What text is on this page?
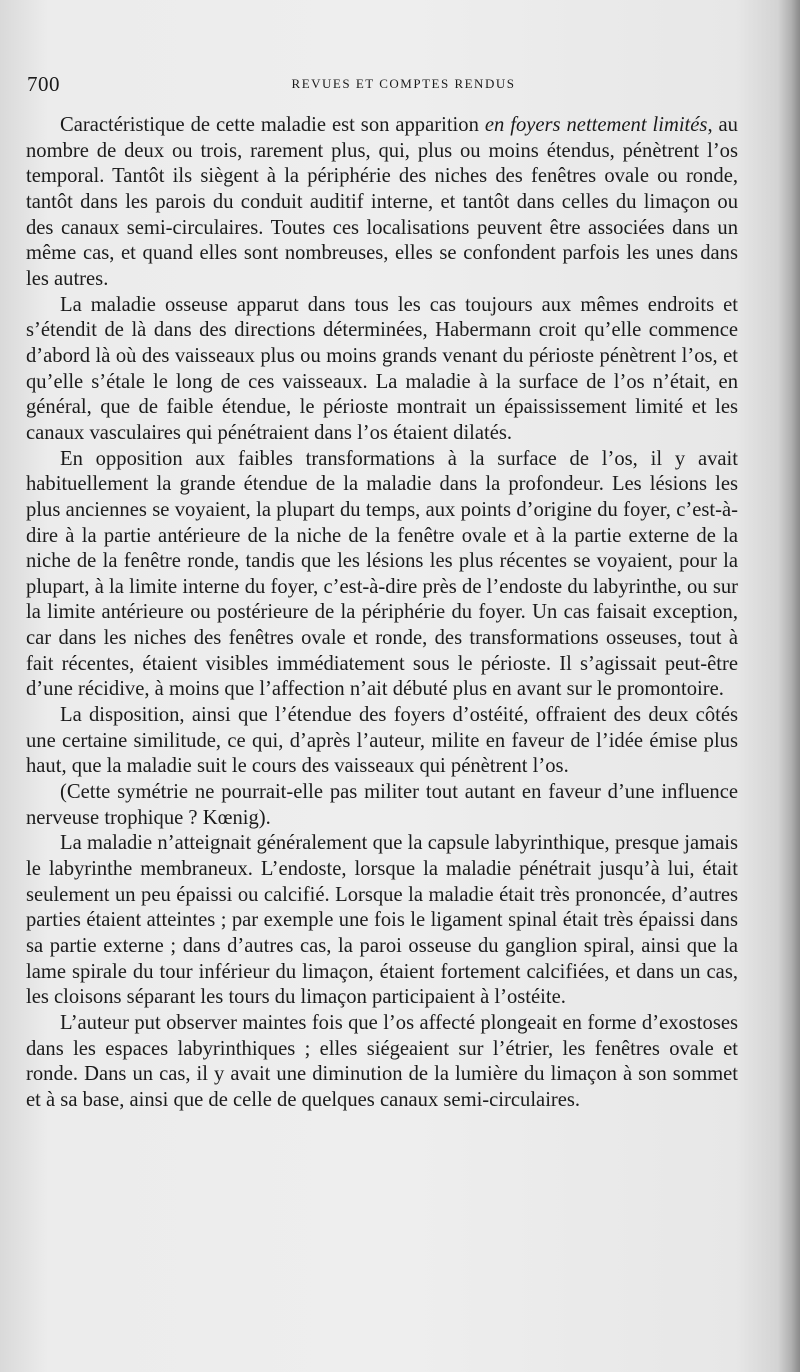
700	REVUES ET COMPTES RENDUS

Caractéristique de cette maladie est son apparition en foyers nettement limités, au nombre de deux ou trois, rarement plus, qui, plus ou moins étendus, pénètrent l’os temporal. Tantôt ils siègent à la périphérie des niches des fenêtres ovale ou ronde, tantôt dans les parois du conduit auditif interne, et tantôt dans celles du limaçon ou des canaux semi-circulaires. Toutes ces localisations peuvent être associées dans un même cas, et quand elles sont nombreuses, elles se confondent parfois les unes dans les autres.

La maladie osseuse apparut dans tous les cas toujours aux mêmes endroits et s’étendit de là dans des directions déterminées, Habermann croit qu’elle commence d’abord là où des vaisseaux plus ou moins grands venant du périoste pénètrent l’os, et qu’elle s’étale le long de ces vaisseaux. La maladie à la surface de l’os n’était, en général, que de faible étendue, le périoste montrait un épaississement limité et les canaux vasculaires qui pénétraient dans l’os étaient dilatés.

En opposition aux faibles transformations à la surface de l’os, il y avait habituellement la grande étendue de la maladie dans la profondeur. Les lésions les plus anciennes se voyaient, la plupart du temps, aux points d’origine du foyer, c’est-à-dire à la partie antérieure de la niche de la fenêtre ovale et à la partie externe de la niche de la fenêtre ronde, tandis que les lésions les plus récentes se voyaient, pour la plupart, à la limite interne du foyer, c’est-à-dire près de l’endoste du labyrinthe, ou sur la limite antérieure ou postérieure de la périphérie du foyer. Un cas faisait exception, car dans les niches des fenêtres ovale et ronde, des transformations osseuses, tout à fait récentes, étaient visibles immédiatement sous le périoste. Il s’agissait peut-être d’une récidive, à moins que l’affection n’ait débuté plus en avant sur le promontoire.

La disposition, ainsi que l’étendue des foyers d’ostéité, offraient des deux côtés une certaine similitude, ce qui, d’après l’auteur, milite en faveur de l’idée émise plus haut, que la maladie suit le cours des vaisseaux qui pénètrent l’os.

(Cette symétrie ne pourrait-elle pas militer tout autant en faveur d’une influence nerveuse trophique ? Kœnig).

La maladie n’atteignait généralement que la capsule labyrinthique, presque jamais le labyrinthe membraneux. L’endoste, lorsque la maladie pénétrait jusqu’à lui, était seulement un peu épaissi ou calcifié. Lorsque la maladie était très prononcée, d’autres parties étaient atteintes ; par exemple une fois le ligament spinal était très épaissi dans sa partie externe ; dans d’autres cas, la paroi osseuse du ganglion spiral, ainsi que la lame spirale du tour inférieur du limaçon, étaient fortement calcifiées, et dans un cas, les cloisons séparant les tours du limaçon participaient à l’ostéite.

L’auteur put observer maintes fois que l’os affecté plongeait en forme d’exostoses dans les espaces labyrinthiques ; elles siégeaient sur l’étrier, les fenêtres ovale et ronde. Dans un cas, il y avait une diminution de la lumière du limaçon à son sommet et à sa base, ainsi que de celle de quelques canaux semi-circulaires.
